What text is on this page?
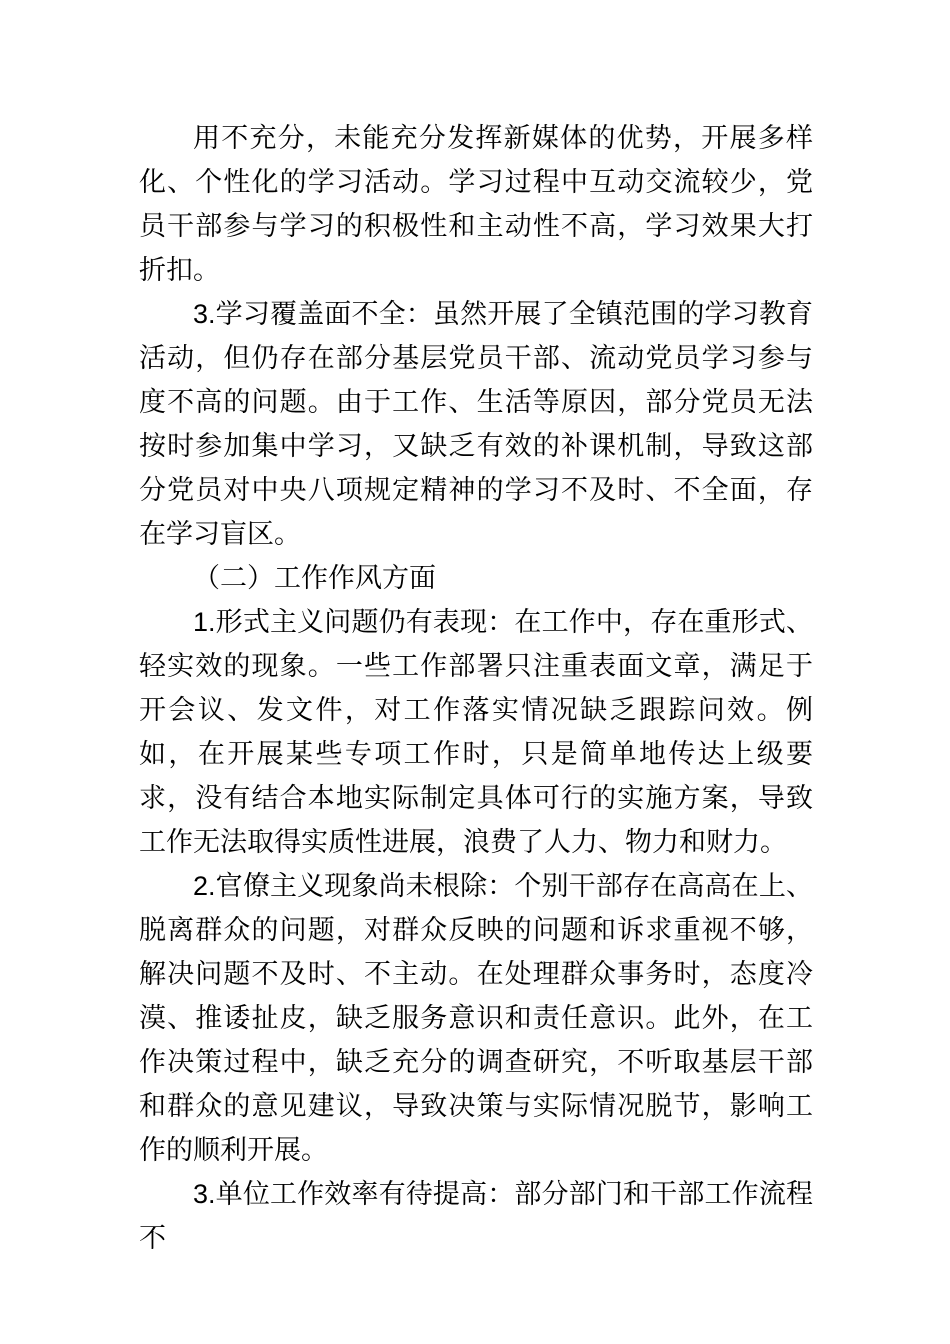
用不充分，未能充分发挥新媒体的优势，开展多样化、个性化的学习活动。学习过程中互动交流较少，党员干部参与学习的积极性和主动性不高，学习效果大打折扣。

3.学习覆盖面不全：虽然开展了全镇范围的学习教育活动，但仍存在部分基层党员干部、流动党员学习参与度不高的问题。由于工作、生活等原因，部分党员无法按时参加集中学习，又缺乏有效的补课机制，导致这部分党员对中央八项规定精神的学习不及时、不全面，存在学习盲区。

（二）工作作风方面

1.形式主义问题仍有表现：在工作中，存在重形式、轻实效的现象。一些工作部署只注重表面文章，满足于开会议、发文件，对工作落实情况缺乏跟踪问效。例如，在开展某些专项工作时，只是简单地传达上级要求，没有结合本地实际制定具体可行的实施方案，导致工作无法取得实质性进展，浪费了人力、物力和财力。

2.官僚主义现象尚未根除：个别干部存在高高在上、脱离群众的问题，对群众反映的问题和诉求重视不够，解决问题不及时、不主动。在处理群众事务时，态度冷漠、推诿扯皮，缺乏服务意识和责任意识。此外，在工作决策过程中，缺乏充分的调查研究，不听取基层干部和群众的意见建议，导致决策与实际情况脱节，影响工作的顺利开展。

3.单位工作效率有待提高：部分部门和干部工作流程不
